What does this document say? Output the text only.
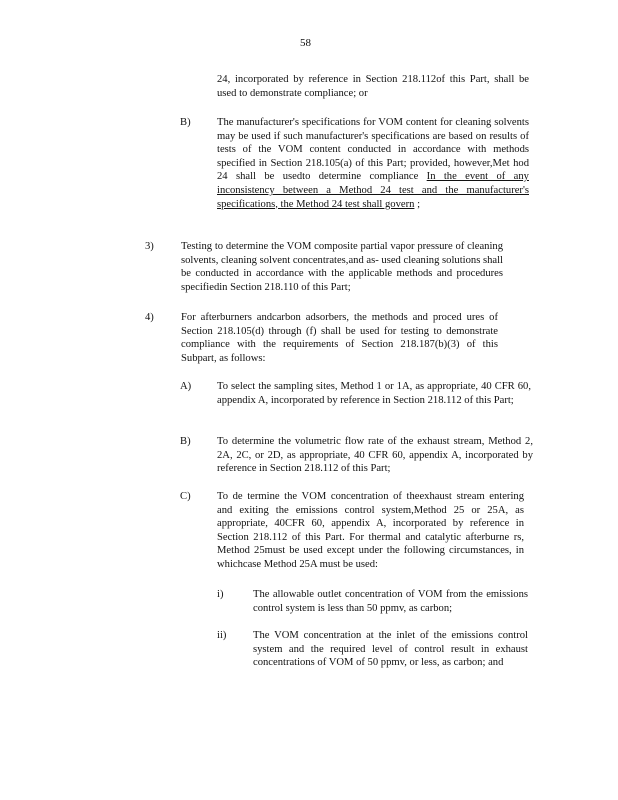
58
24, incorporated by reference in Section 218.112of this Part, shall be used to demonstrate compliance; or
B) The manufacturer's specifications for VOM content for cleaning solvents may be used if such manufacturer's specifications are based on results of tests of the VOM content conducted in accordance with methods specified in Section 218.105(a) of this Part; provided, however,Met hod 24 shall be usedto determine compliance In the event of any inconsistency between a Method 24 test and the manufacturer's specifications, the Method 24 test shall govern ;
3)	Testing to determine the VOM composite partial vapor pressure of cleaning solvents, cleaning solvent concentrates,and as- used cleaning solutions shall be conducted in accordance with the applicable methods and procedures specifiedin Section 218.110 of this Part;
4)	For afterburners andcarbon adsorbers, the methods and proced ures of Section 218.105(d) through (f) shall be used for testing to demonstrate compliance with the requirements of Section 218.187(b)(3) of this Subpart, as follows:
A) To select the sampling sites, Method 1 or 1A, as appropriate, 40 CFR 60, appendix A, incorporated by reference in Section 218.112 of this Part;
B) To determine the volumetric flow rate of the exhaust stream, Method 2, 2A, 2C, or 2D, as appropriate, 40 CFR 60, appendix A, incorporated by reference in Section 218.112 of this Part;
C) To de termine the VOM concentration of theexhaust stream entering and exiting the emissions control system,Method 25 or 25A, as appropriate, 40CFR 60, appendix A, incorporated by reference in Section 218.112 of this Part. For thermal and catalytic afterburne rs, Method 25must be used except under the following circumstances, in whichcase Method 25A must be used:
i)	The allowable outlet concentration of VOM from the emissions control system is less than 50 ppmv, as carbon;
ii)	The VOM concentration at the inlet of the emissions control system and the required level of control result in exhaust concentrations of VOM of 50 ppmv, or less, as carbon; and
